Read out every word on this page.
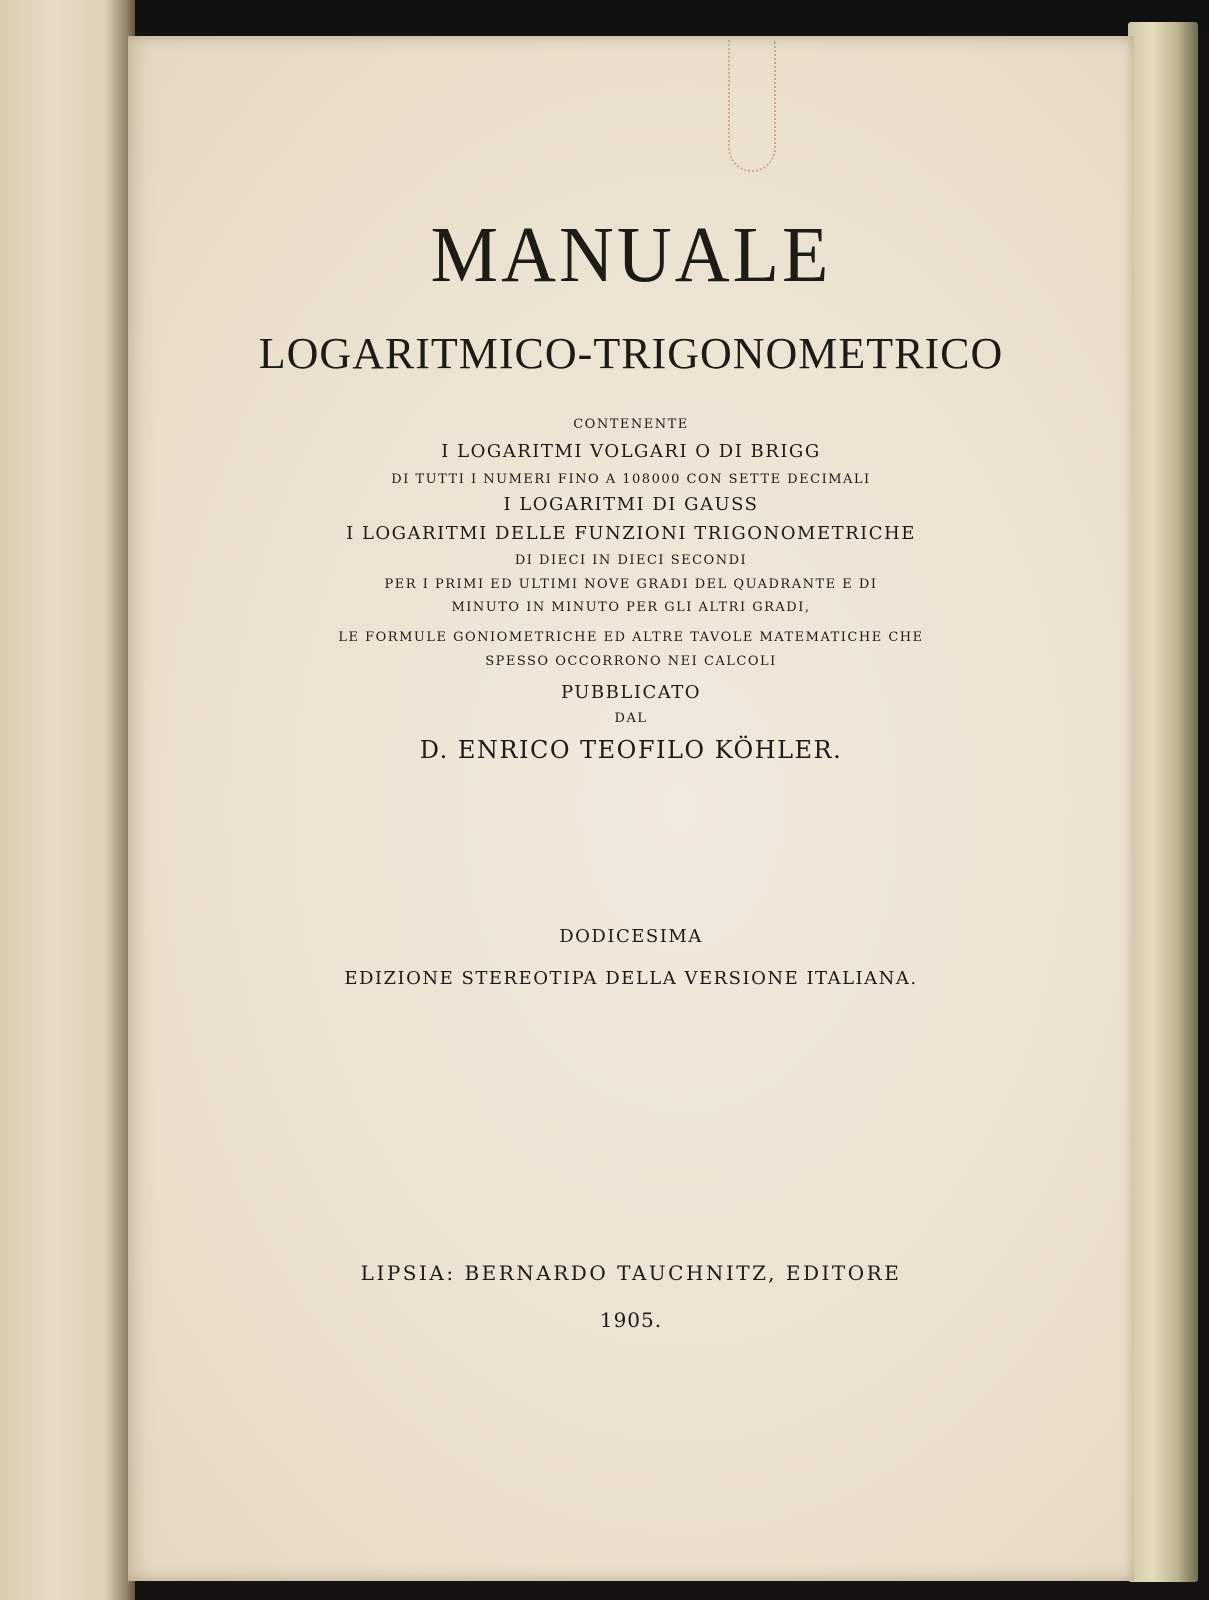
MANUALE
LOGARITMICO-TRIGONOMETRICO
CONTENENTE
I LOGARITMI VOLGARI O DI BRIGG
DI TUTTI I NUMERI FINO A 108000 CON SETTE DECIMALI
I LOGARITMI DI GAUSS
I LOGARITMI DELLE FUNZIONI TRIGONOMETRICHE
DI DIECI IN DIECI SECONDI
PER I PRIMI ED ULTIMI NOVE GRADI DEL QUADRANTE E DI
MINUTO IN MINUTO PER GLI ALTRI GRADI,
LE FORMULE GONIOMETRICHE ED ALTRE TAVOLE MATEMATICHE CHE
SPESSO OCCORRONO NEI CALCOLI
PUBBLICATO
DAL
D. ENRICO TEOFILO KÖHLER.
DODICESIMA
EDIZIONE STEREOTIPA DELLA VERSIONE ITALIANA.
LIPSIA: BERNARDO TAUCHNITZ, EDITORE
1905.
